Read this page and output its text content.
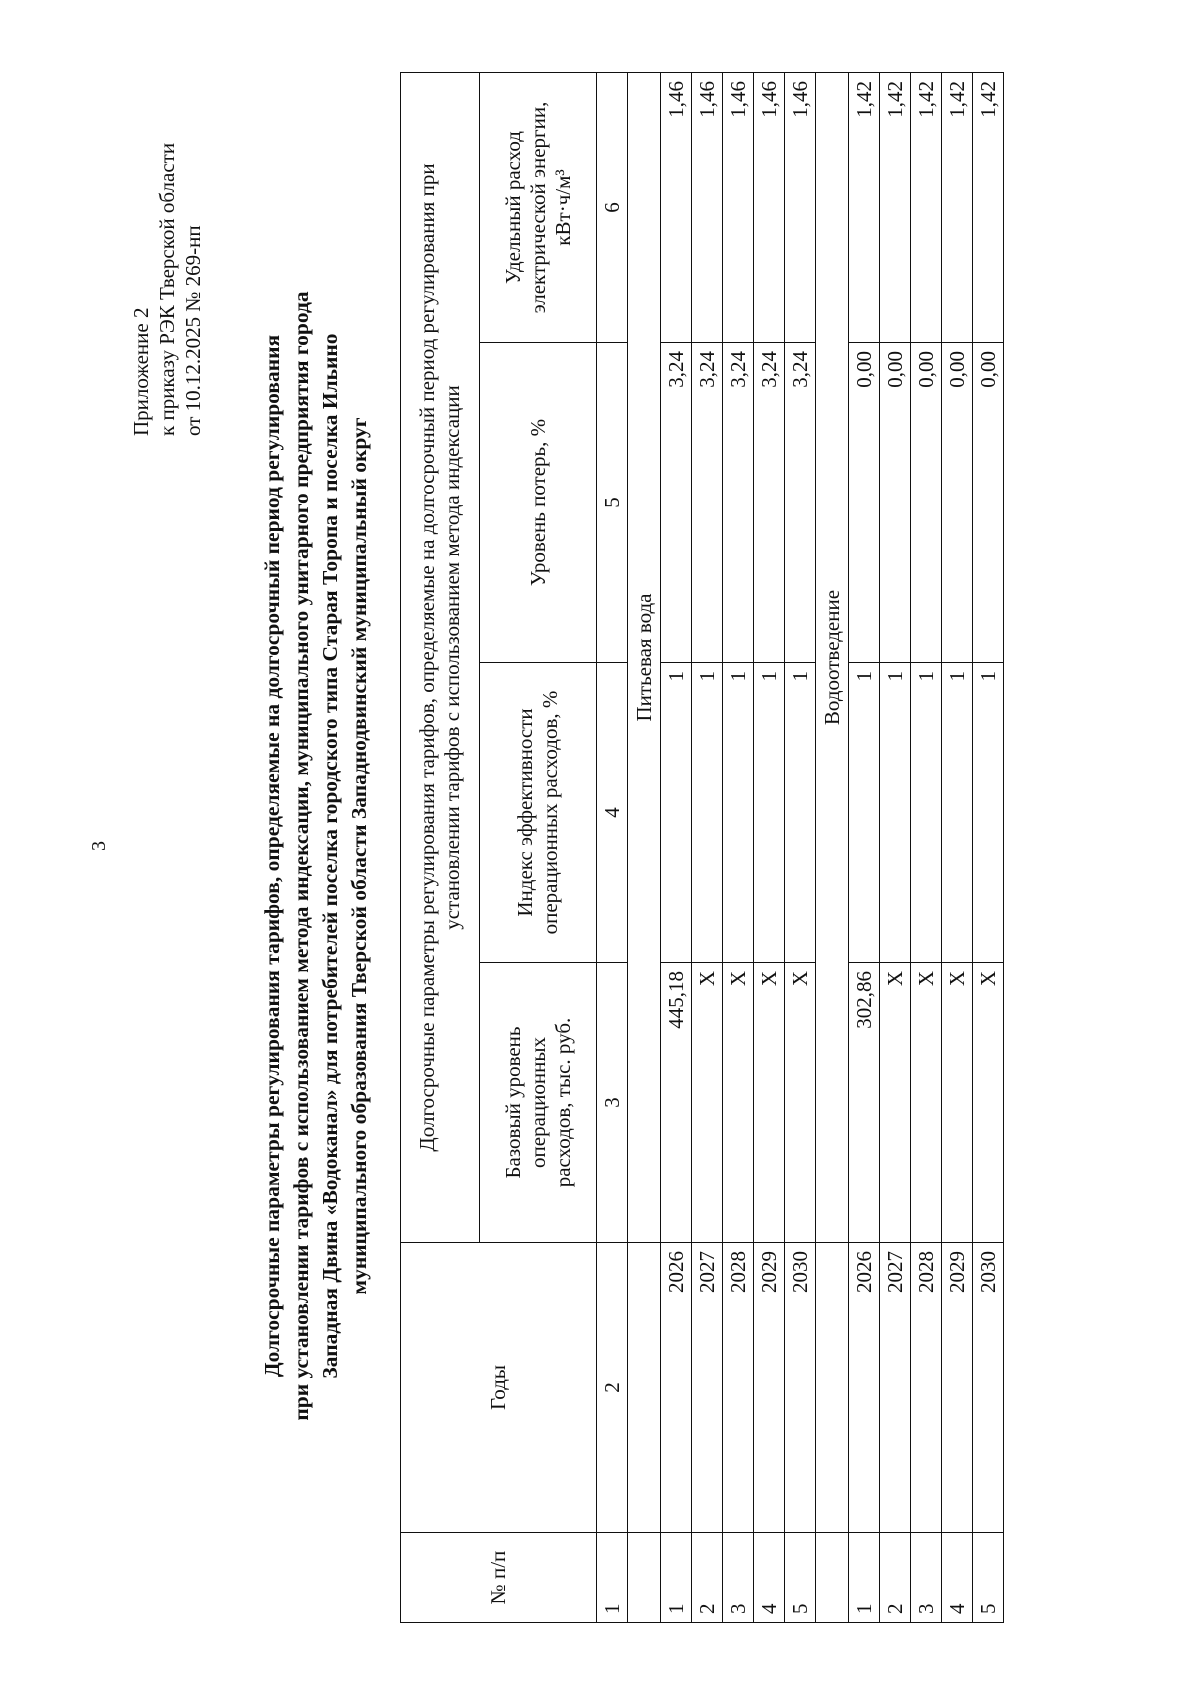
3
Приложение 2 к приказу РЭК Тверской области от 10.12.2025 № 269-нп
Долгосрочные параметры регулирования тарифов, определяемые на долгосрочный период регулирования при установлении тарифов с использованием метода индексации, муниципального унитарного предприятия города Западная Двина «Водоканал» для потребителей поселка городского типа Старая Торопа и поселка Ильино муниципального образования Тверской области Западнодвинский муниципальный округ
№ п/п	Годы	Долгосрочные параметры регулирования тарифов, определяемые на долгосрочный период регулирования при установлении тарифов с использованием метода индексации			
		Базовый уровень операционных расходов, тыс. руб.	Индекс эффективности операционных расходов, %	Уровень потерь, %	Удельный расход электрической энергии, кВт·ч/м³
1	2	3	4	5	6
		Питьевая вода			
1	2026	445,18	1	3,24	1,46
2	2027	Х	1	3,24	1,46
3	2028	Х	1	3,24	1,46
4	2029	Х	1	3,24	1,46
5	2030	Х	1	3,24	1,46
		Водоотведение			
1	2026	302,86	1	0,00	1,42
2	2027	Х	1	0,00	1,42
3	2028	Х	1	0,00	1,42
4	2029	Х	1	0,00	1,42
5	2030	Х	1	0,00	1,42
